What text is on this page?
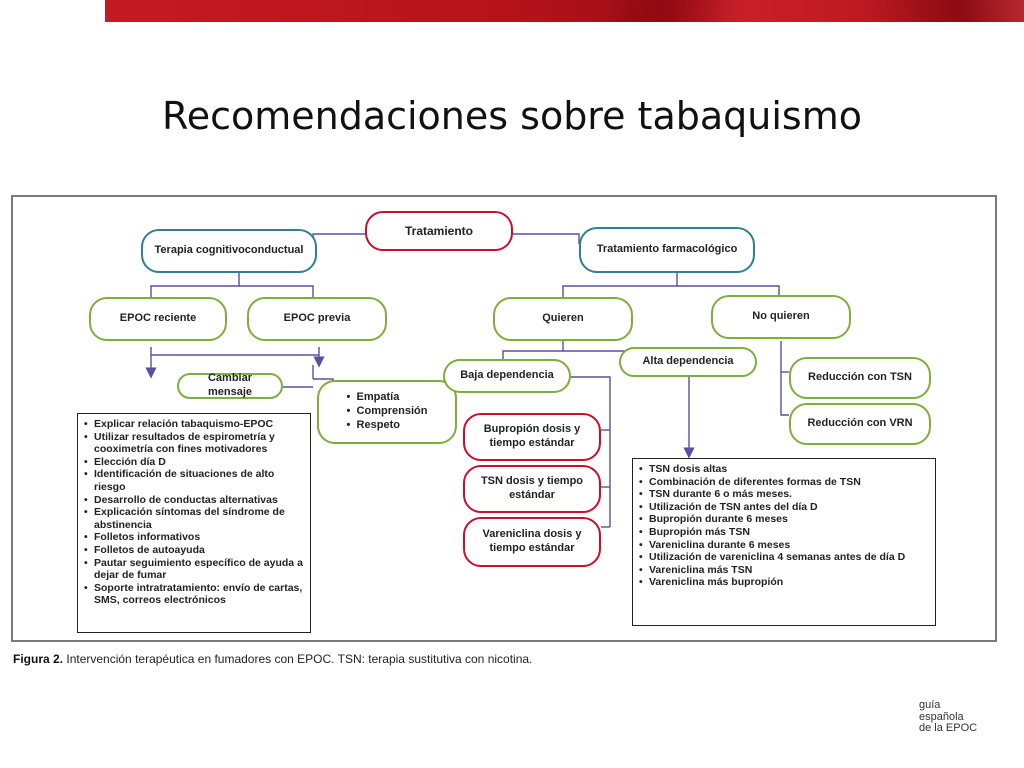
Recomendaciones sobre tabaquismo
Tratamiento
Terapia cognitivoconductual	Tratamiento farmacológico
EPOC reciente	EPOC previa
Cambiar mensaje
•	Empatía
• Comprensión
• Respeto
• Explicar relación tabaquismo-EPOC
• Utilizar resultados de espirometría y cooximetría con fines motivadores
• Elección día D
• Identificación de situaciones de alto riesgo
• Desarrollo de conductas alternativas
• Explicación síntomas del síndrome de abstinencia
• Folletos informativos
• Folletos de autoayuda
• Pautar seguimiento específico de ayuda a dejar de fumar
• Soporte intratratamiento: envío de cartas, SMS, correos electrónicos
Quieren	No quieren
Baja dependencia
Alta dependencia
Bupropión dosis y tiempo estándar
TSN dosis y tiempo estándar
Vareniclina dosis y tiempo estándar
Reducción con TSN
Reducción con VRN
• TSN dosis altas
• Combinación de diferentes formas de TSN
• TSN durante 6 o más meses.
• Utilización de TSN antes del día D
• Bupropión durante 6 meses
• Bupropión más TSN
• Vareniclina durante 6 meses
• Utilización de vareniclina 4 semanas antes de día D
• Vareniclina más TSN
• Vareniclina más bupropión
Figura 2. Intervención terapéutica en fumadores con EPOC. TSN: terapia sustitutiva con nicotina.
guía
española
de la EPOC
